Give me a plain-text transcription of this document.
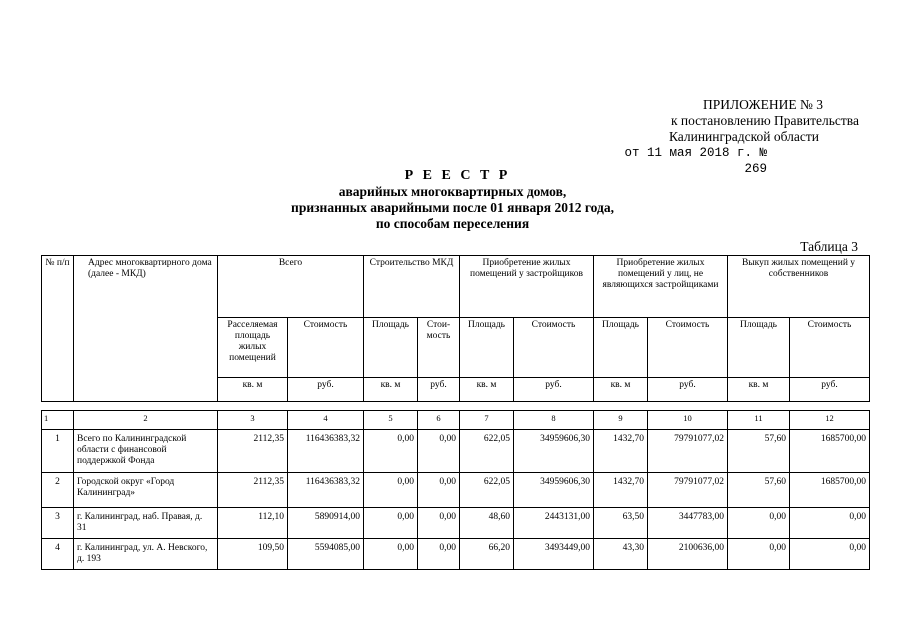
ПРИЛОЖЕНИЕ № 3
к постановлению Правительства
Калининградской области
от 11 мая 2018 г. № 269
Р Е Е С Т Р
аварийных многоквартирных домов,
признанных аварийными после 01 января 2012 года,
по способам переселения
Таблица 3
№ п/п	Адрес многоквартирного дома (далее - МКД)	Всего		Строительство МКД		Приобретение жилых помещений у застройщиков		Приобретение жилых помещений у лиц, не являющихся застройщиками		Выкуп жилых помещений у собственников	
		Расселяемая площадь жилых помещений	Стоимость	Площадь	Стои-мость	Площадь	Стоимость	Площадь	Стоимость	Площадь	Стоимость
		кв. м	руб.	кв. м	руб.	кв. м	руб.	кв. м	руб.	кв. м	руб.
1	2	3	4	5	6	7	8	9	10	11	12
1	Всего по Калининградской области с финансовой поддержкой Фонда	2112,35	116436383,32	0,00	0,00	622,05	34959606,30	1432,70	79791077,02	57,60	1685700,00
2	Городской округ «Город Калининград»	2112,35	116436383,32	0,00	0,00	622,05	34959606,30	1432,70	79791077,02	57,60	1685700,00
3	г. Калининград, наб. Правая, д. 31	112,10	5890914,00	0,00	0,00	48,60	2443131,00	63,50	3447783,00	0,00	0,00
4	г. Калининград, ул. А. Невского, д. 193	109,50	5594085,00	0,00	0,00	66,20	3493449,00	43,30	2100636,00	0,00	0,00
